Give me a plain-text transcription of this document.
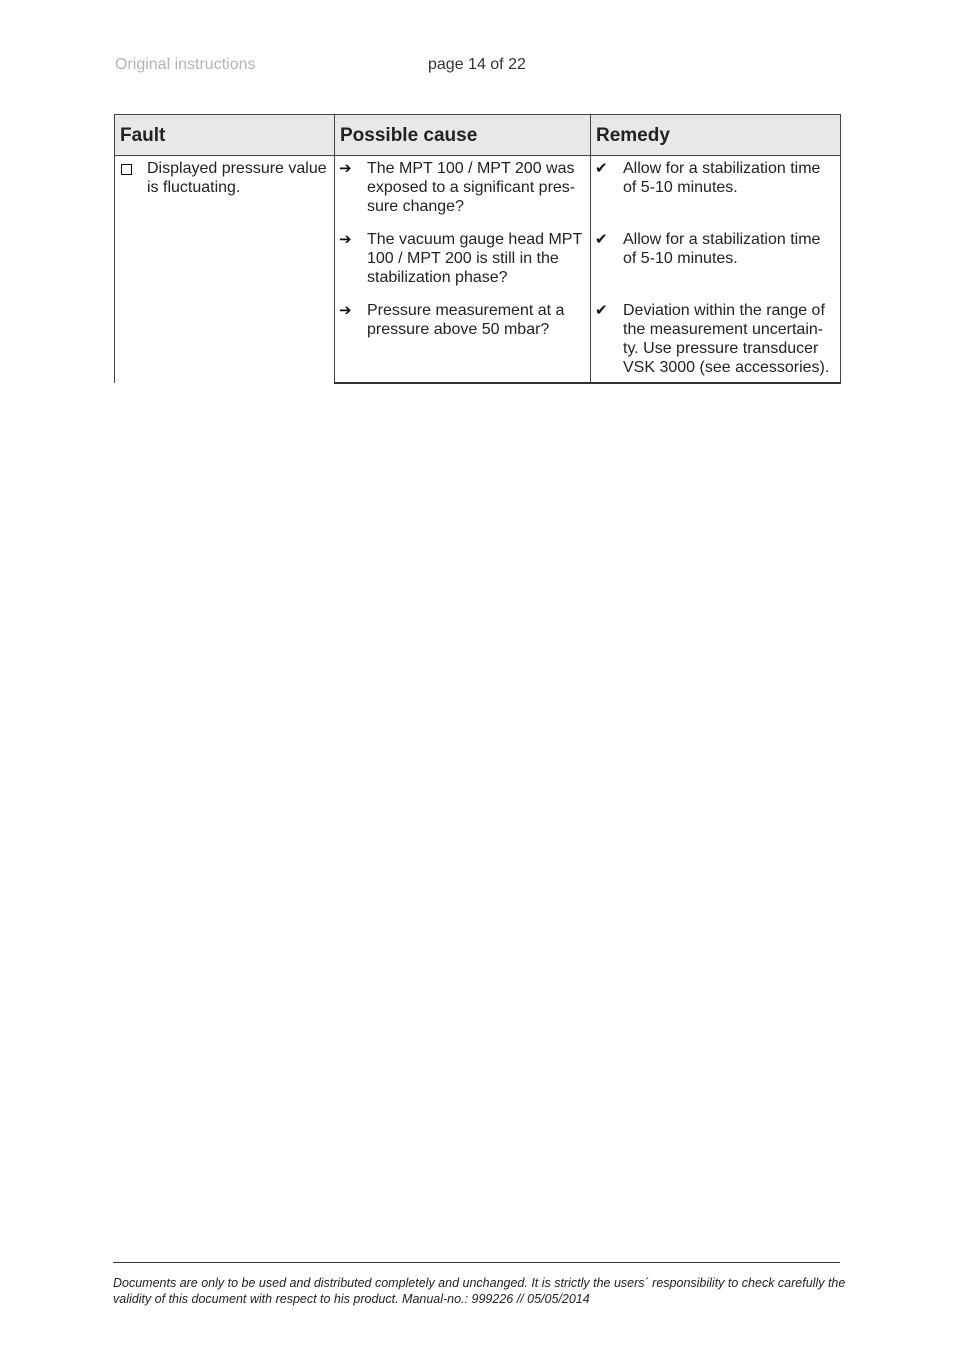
Original instructions	page 14 of 22
Fault	Possible cause	Remedy

Displayed pressure value is fluctuating.	➔ The MPT 100 / MPT 200 was exposed to a significant pres-sure change?	✔ Allow for a stabilization time of 5-10 minutes.

	➔ The vacuum gauge head MPT 100 / MPT 200 is still in the stabilization phase?	✔ Allow for a stabilization time of 5-10 minutes.

	➔ Pressure measurement at a pressure above 50 mbar?	✔ Deviation within the range of the measurement uncertain-ty. Use pressure transducer VSK 3000 (see accessories).
Documents are only to be used and distributed completely and unchanged. It is strictly the users´ responsibility to check carefully the validity of this document with respect to his product. Manual-no.: 999226 // 05/05/2014
